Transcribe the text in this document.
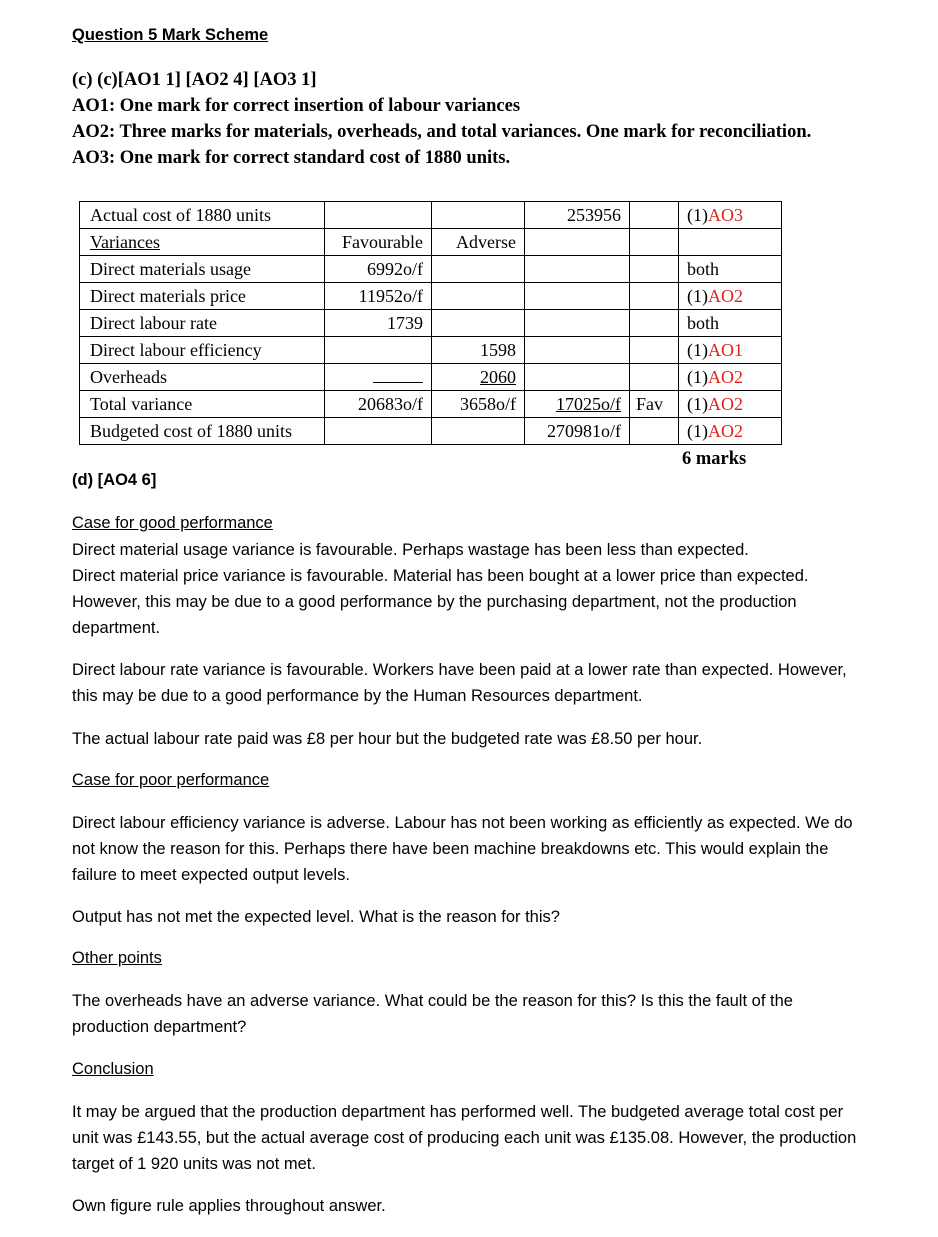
Question 5 Mark Scheme
(c) (c)[AO1 1] [AO2 4] [AO3 1]
AO1: One mark for correct insertion of labour variances
AO2: Three marks for materials, overheads, and total variances. One mark for reconciliation.
AO3: One mark for correct standard cost of 1880 units.
Actual cost of 1880 units			253956		(1)AO3
Variances	Favourable	Adverse			
Direct materials usage	6992o/f				both
Direct materials price	11952o/f				(1)AO2
Direct labour rate	1739				both
Direct labour efficiency		1598			(1)AO1
Overheads		2060			(1)AO2
Total variance	20683o/f	3658o/f	17025o/f	Fav	(1)AO2
Budgeted cost of 1880 units			270981o/f		(1)AO2
6 marks
(d) [AO4 6]
Case for good performance
Direct material usage variance is favourable. Perhaps wastage has been less than expected.
Direct material price variance is favourable. Material has been bought at a lower price than expected. However, this may be due to a good performance by the purchasing department, not the production department.
Direct labour rate variance is favourable. Workers have been paid at a lower rate than expected. However, this may be due to a good performance by the Human Resources department.
The actual labour rate paid was £8 per hour but the budgeted rate was £8.50 per hour.
Case for poor performance
Direct labour efficiency variance is adverse. Labour has not been working as efficiently as expected. We do not know the reason for this. Perhaps there have been machine breakdowns etc. This would explain the failure to meet expected output levels.
Output has not met the expected level. What is the reason for this?
Other points
The overheads have an adverse variance. What could be the reason for this? Is this the fault of the production department?
Conclusion
It may be argued that the production department has performed well. The budgeted average total cost per unit was £143.55, but the actual average cost of producing each unit was £135.08. However, the production target of 1 920 units was not met.
Own figure rule applies throughout answer.
